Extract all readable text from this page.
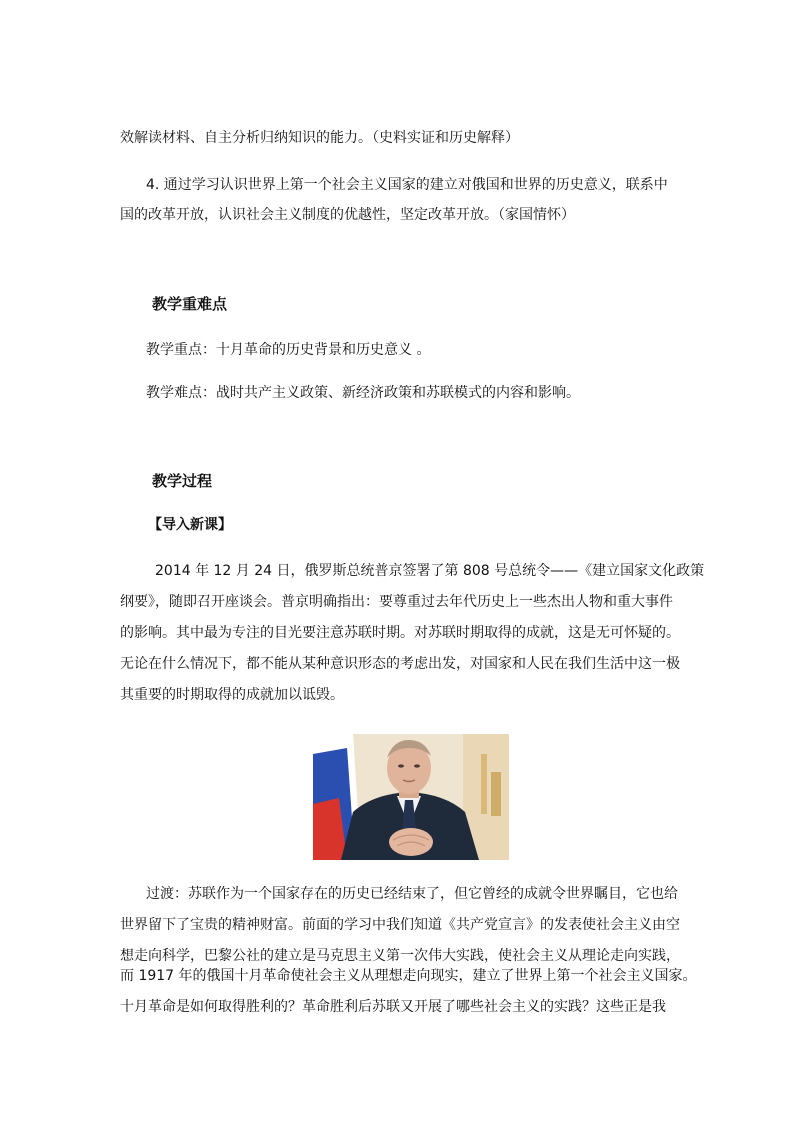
效解读材料、自主分析归纳知识的能力。（史料实证和历史解释）
4. 通过学习认识世界上第一个社会主义国家的建立对俄国和世界的历史意义，联系中
国的改革开放，认识社会主义制度的优越性，坚定改革开放。（家国情怀）
教学重难点
教学重点：十月革命的历史背景和历史意义 。
教学难点：战时共产主义政策、新经济政策和苏联模式的内容和影响。
教学过程
【导入新课】
2014 年 12 月 24 日，俄罗斯总统普京签署了第 808 号总统令——《建立国家文化政策
纲要》，随即召开座谈会。普京明确指出：要尊重过去年代历史上一些杰出人物和重大事件
的影响。其中最为专注的目光要注意苏联时期。对苏联时期取得的成就，这是无可怀疑的。
无论在什么情况下，都不能从某种意识形态的考虑出发，对国家和人民在我们生活中这一极
其重要的时期取得的成就加以诋毁。
过渡：苏联作为一个国家存在的历史已经结束了，但它曾经的成就令世界瞩目，它也给
世界留下了宝贵的精神财富。前面的学习中我们知道《共产党宣言》的发表使社会主义由空
想走向科学，巴黎公社的建立是马克思主义第一次伟大实践，使社会主义从理论走向实践，
而 1917 年的俄国十月革命使社会主义从理想走向现实，建立了世界上第一个社会主义国家。
十月革命是如何取得胜利的？革命胜利后苏联又开展了哪些社会主义的实践？这些正是我
